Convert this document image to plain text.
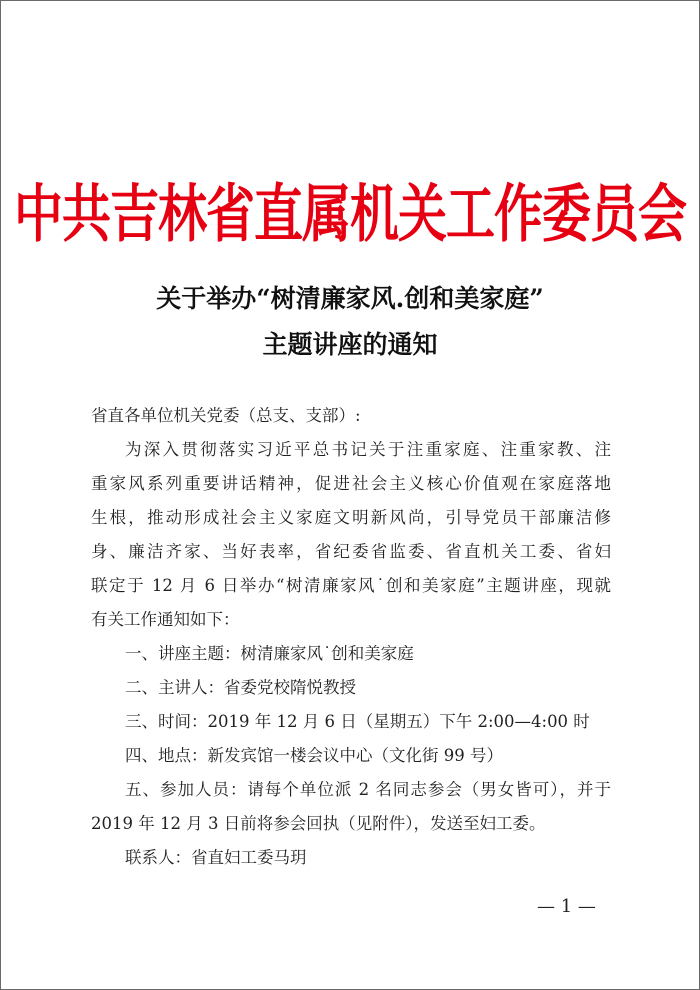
中共吉林省直属机关工作委员会
关于举办“树清廉家风.创和美家庭”
主题讲座的通知
省直各单位机关党委（总支、支部）:
为深入贯彻落实习近平总书记关于注重家庭、注重家教、注
重家风系列重要讲话精神，促进社会主义核心价值观在家庭落地
生根，推动形成社会主义家庭文明新风尚，引导党员干部廉洁修
身、廉洁齐家、当好表率，省纪委省监委、省直机关工委、省妇
联定于 12 月 6 日举办“树清廉家风˙创和美家庭”主题讲座，现就
有关工作通知如下：
一、讲座主题：树清廉家风˙创和美家庭
二、主讲人：省委党校隋悦教授
三、时间：2019 年 12 月 6 日（星期五）下午 2:00—4:00 时
四、地点：新发宾馆一楼会议中心（文化街 99 号）
五、参加人员：请每个单位派 2 名同志参会（男女皆可），并于
2019 年 12 月 3 日前将参会回执（见附件），发送至妇工委。
联系人：省直妇工委马玥
— 1 —
